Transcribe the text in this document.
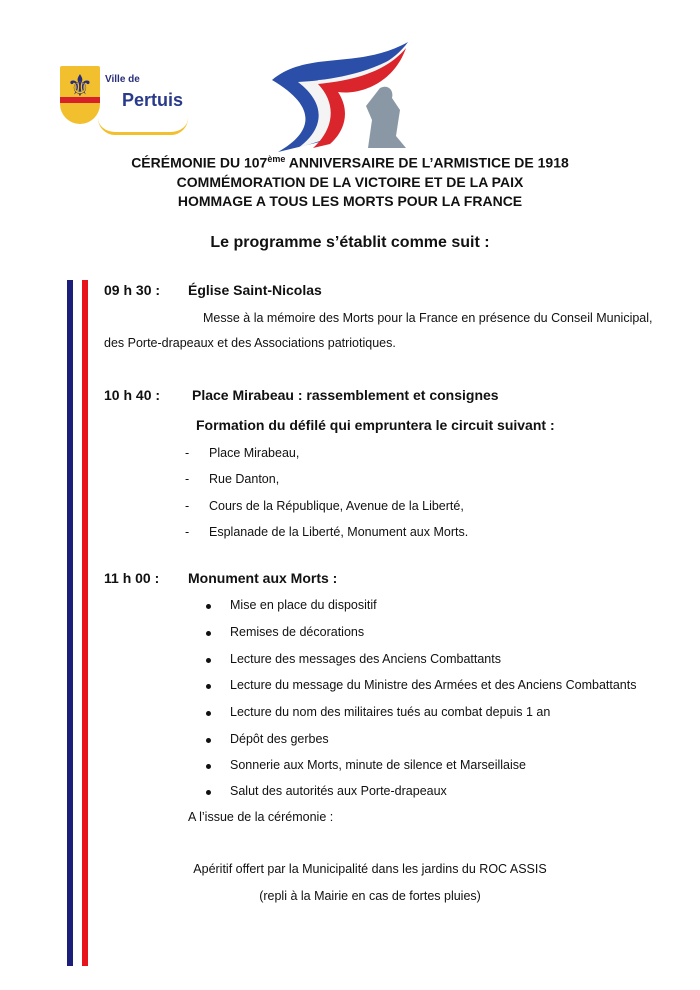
⚜	Ville de
Pertuis
CÉRÉMONIE DU 107ème ANNIVERSAIRE DE L’ARMISTICE DE 1918
COMMÉMORATION DE LA VICTOIRE ET DE LA PAIX
HOMMAGE A TOUS LES MORTS POUR LA FRANCE
Le programme s’établit comme suit :
09 h 30 : Église Saint-Nicolas
Messe à la mémoire des Morts pour la France en présence du Conseil Municipal,
des Porte-drapeaux et des Associations patriotiques.
10 h 40 : Place Mirabeau : rassemblement et consignes
Formation du défilé qui empruntera le circuit suivant :
- Place Mirabeau,
- Rue Danton,
- Cours de la République, Avenue de la Liberté,
- Esplanade de la Liberté, Monument aux Morts.
11 h 00 : Monument aux Morts :
Mise en place du dispositif
Remises de décorations
Lecture des messages des Anciens Combattants
Lecture du message du Ministre des Armées et des Anciens Combattants
Lecture du nom des militaires tués au combat depuis 1 an
Dépôt des gerbes
Sonnerie aux Morts, minute de silence et Marseillaise
Salut des autorités aux Porte-drapeaux
A l’issue de la cérémonie :
Apéritif offert par la Municipalité dans les jardins du ROC ASSIS
(repli à la Mairie en cas de fortes pluies)
